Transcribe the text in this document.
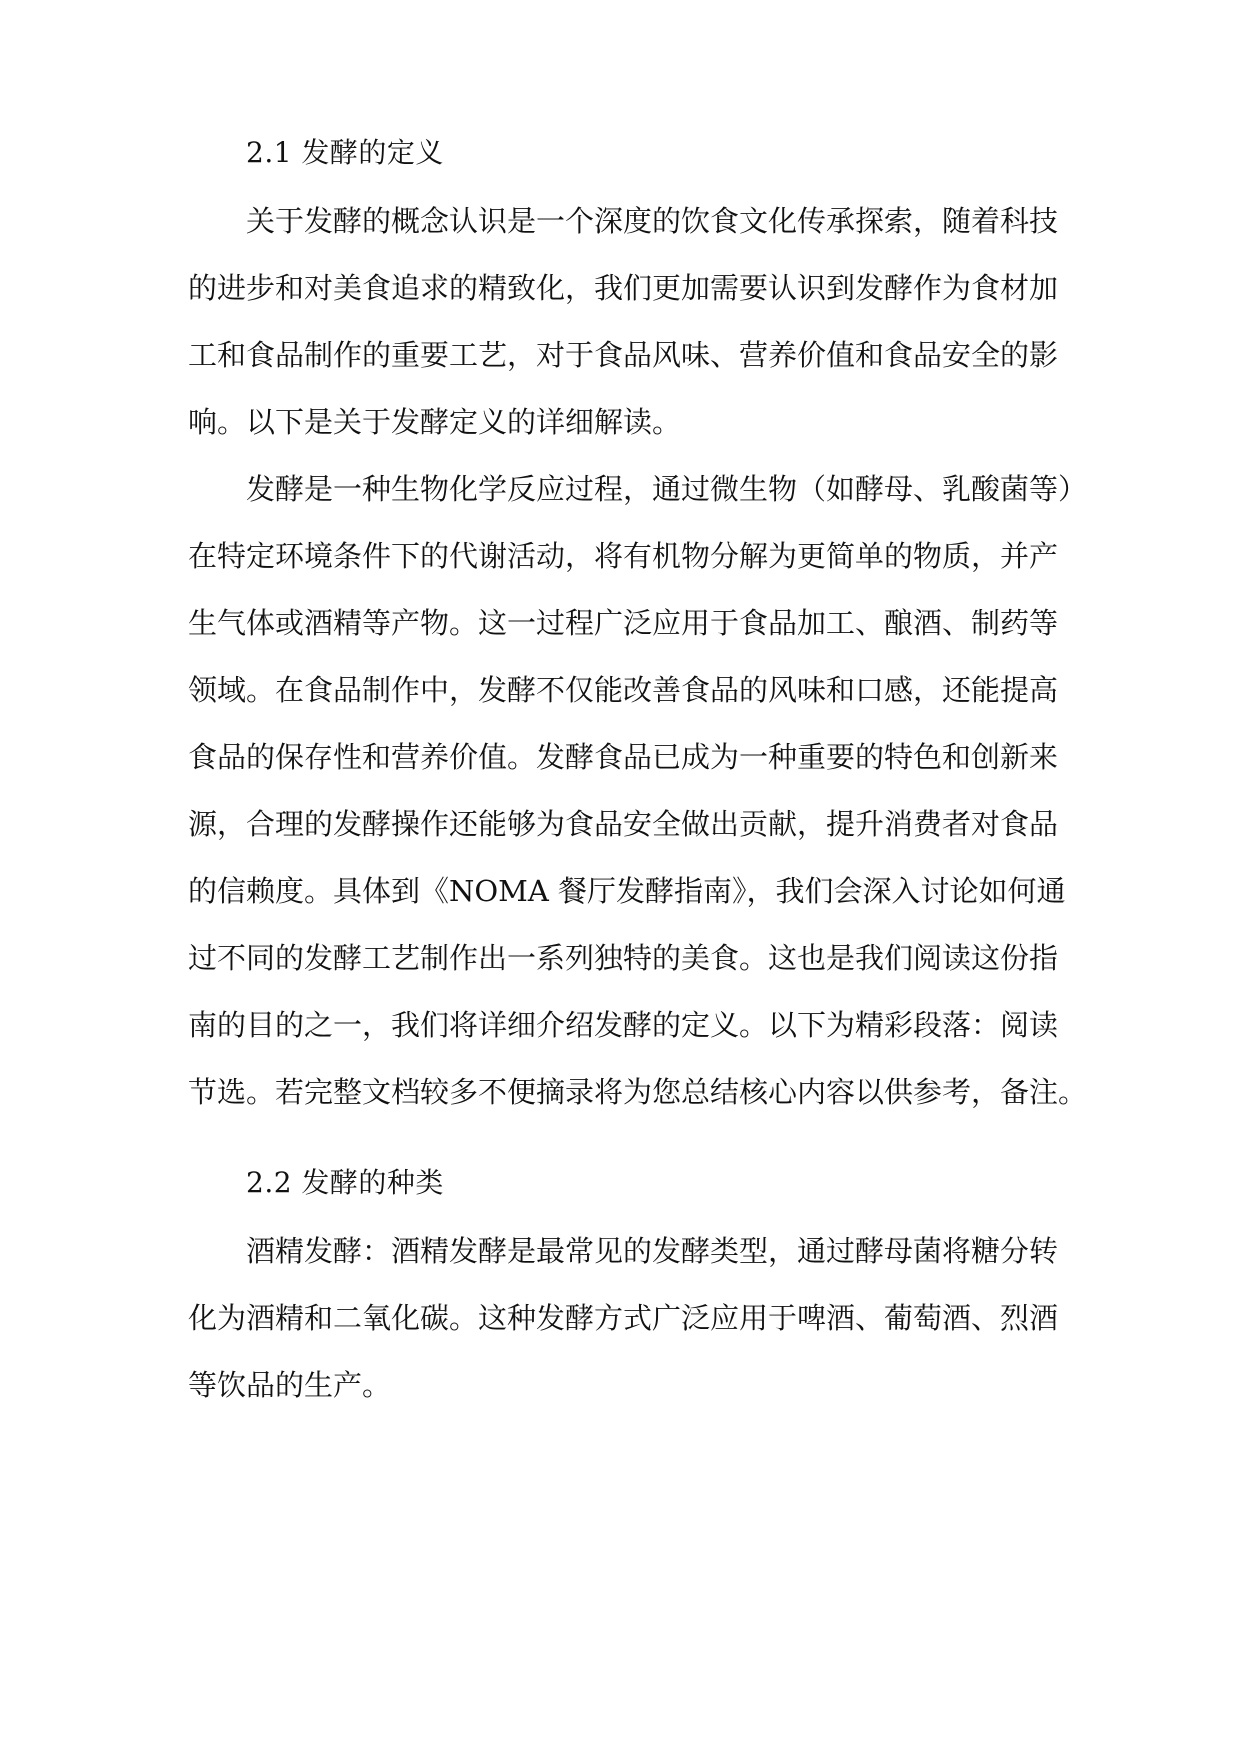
2.1 发酵的定义
关于发酵的概念认识是一个深度的饮食文化传承探索，随着科技
的进步和对美食追求的精致化，我们更加需要认识到发酵作为食材加
工和食品制作的重要工艺，对于食品风味、营养价值和食品安全的影
响。以下是关于发酵定义的详细解读。
发酵是一种生物化学反应过程，通过微生物（如酵母、乳酸菌等）
在特定环境条件下的代谢活动，将有机物分解为更简单的物质，并产
生气体或酒精等产物。这一过程广泛应用于食品加工、酿酒、制药等
领域。在食品制作中，发酵不仅能改善食品的风味和口感，还能提高
食品的保存性和营养价值。发酵食品已成为一种重要的特色和创新来
源，合理的发酵操作还能够为食品安全做出贡献，提升消费者对食品
的信赖度。具体到《NOMA 餐厅发酵指南》，我们会深入讨论如何通
过不同的发酵工艺制作出一系列独特的美食。这也是我们阅读这份指
南的目的之一，我们将详细介绍发酵的定义。以下为精彩段落：阅读
节选。若完整文档较多不便摘录将为您总结核心内容以供参考，备注。
2.2 发酵的种类
酒精发酵：酒精发酵是最常见的发酵类型，通过酵母菌将糖分转
化为酒精和二氧化碳。这种发酵方式广泛应用于啤酒、葡萄酒、烈酒
等饮品的生产。
